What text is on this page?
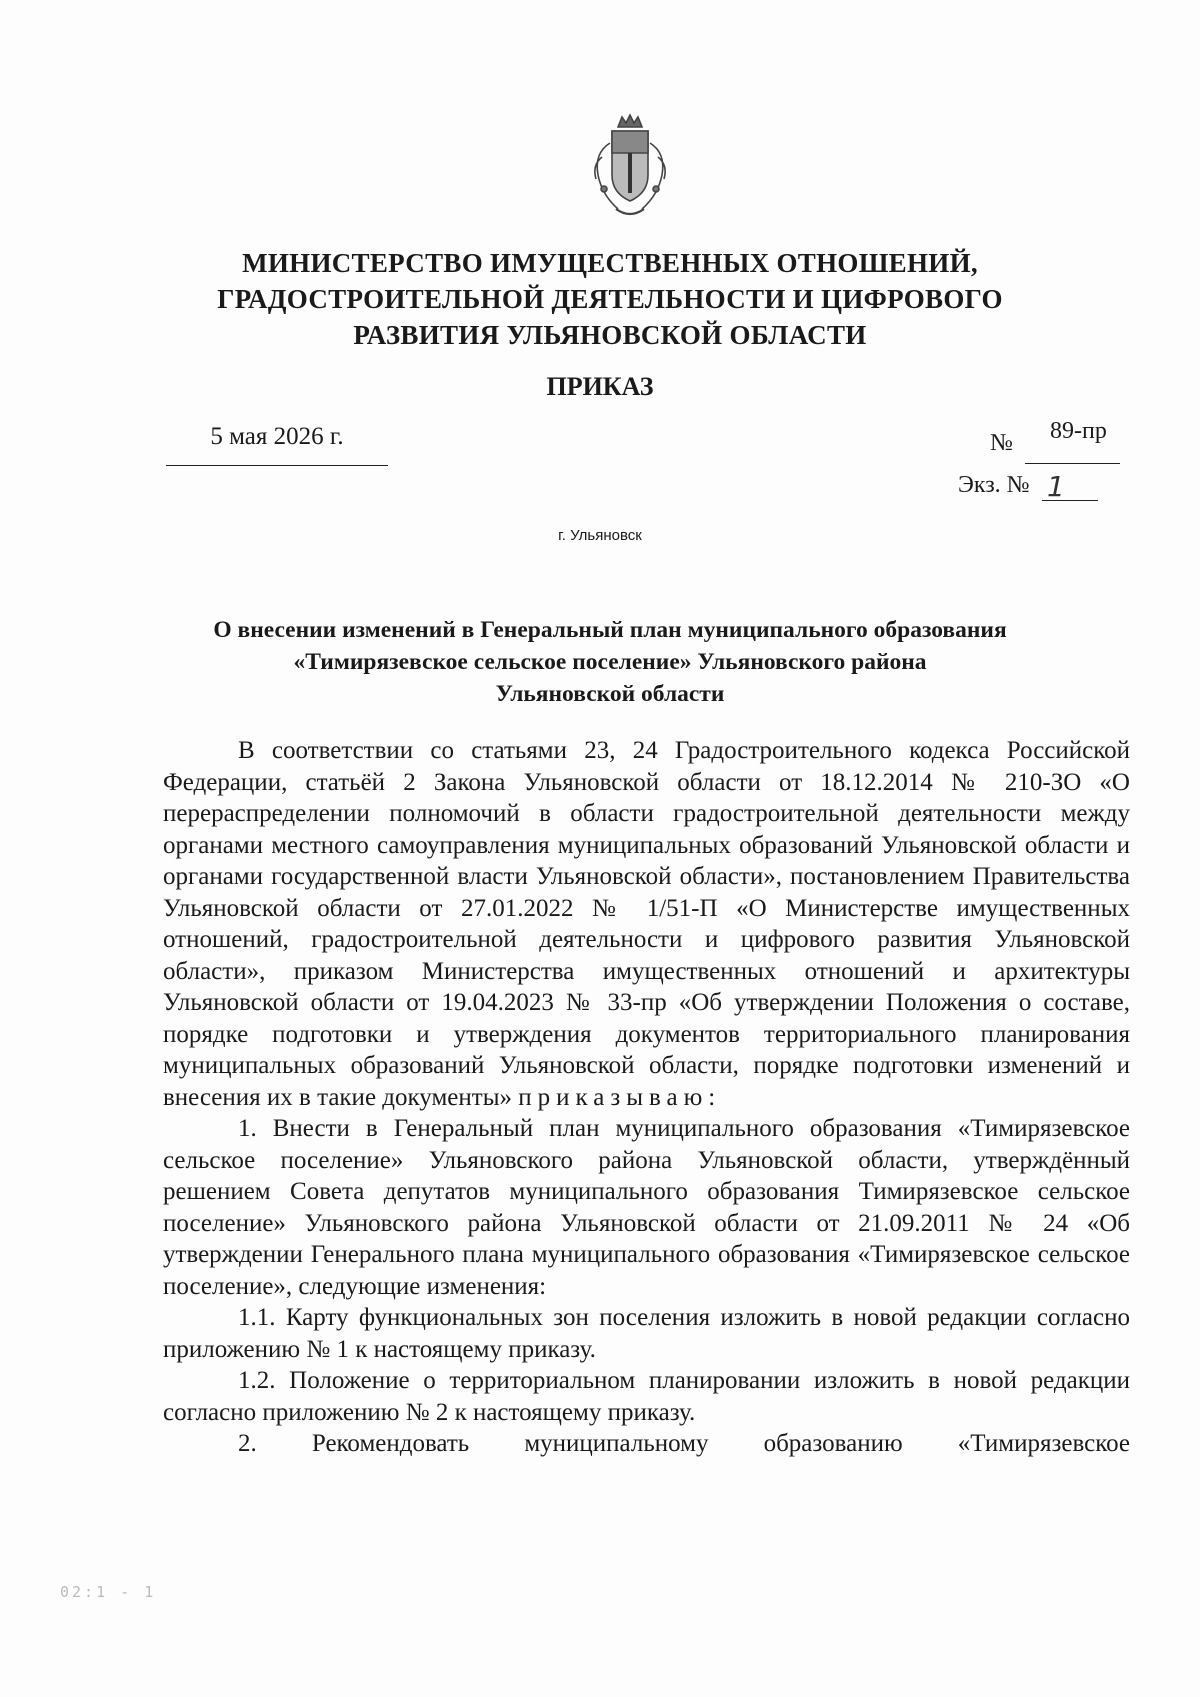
МИНИСТЕРСТВО ИМУЩЕСТВЕННЫХ ОТНОШЕНИЙ,
ГРАДОСТРОИТЕЛЬНОЙ ДЕЯТЕЛЬНОСТИ И ЦИФРОВОГО
РАЗВИТИЯ УЛЬЯНОВСКОЙ ОБЛАСТИ
ПРИКАЗ
5 мая 2026 г.	№ 89-пр
Экз. № 1
г. Ульяновск
О внесении изменений в Генеральный план муниципального образования
«Тимирязевское сельское поселение» Ульяновского района
Ульяновской области

В соответствии со статьями 23, 24 Градостроительного кодекса Российской Федерации, статьёй 2 Закона Ульяновской области от 18.12.2014 № 210-ЗО «О перераспределении полномочий в области градостроительной деятельности между органами местного самоуправления муниципальных образований Ульяновской области и органами государственной власти Ульяновской области», постановлением Правительства Ульяновской области от 27.01.2022 № 1/51-П «О Министерстве имущественных отношений, градостроительной деятельности и цифрового развития Ульяновской области», приказом Министерства имущественных отношений и архитектуры Ульяновской области от 19.04.2023 № 33-пр «Об утверждении Положения о составе, порядке подготовки и утверждения документов территориального планирования муниципальных образований Ульяновской области, порядке подготовки изменений и внесения их в такие документы» приказываю:

1. Внести в Генеральный план муниципального образования «Тимирязевское сельское поселение» Ульяновского района Ульяновской области, утверждённый решением Совета депутатов муниципального образования Тимирязевское сельское поселение» Ульяновского района Ульяновской области от 21.09.2011 № 24 «Об утверждении Генерального плана муниципального образования «Тимирязевское сельское поселение», следующие изменения:

1.1. Карту функциональных зон поселения изложить в новой редакции согласно приложению № 1 к настоящему приказу.

1.2. Положение о территориальном планировании изложить в новой редакции согласно приложению № 2 к настоящему приказу.

2. Рекомендовать муниципальному образованию «Тимирязевское

02:1 - 1
